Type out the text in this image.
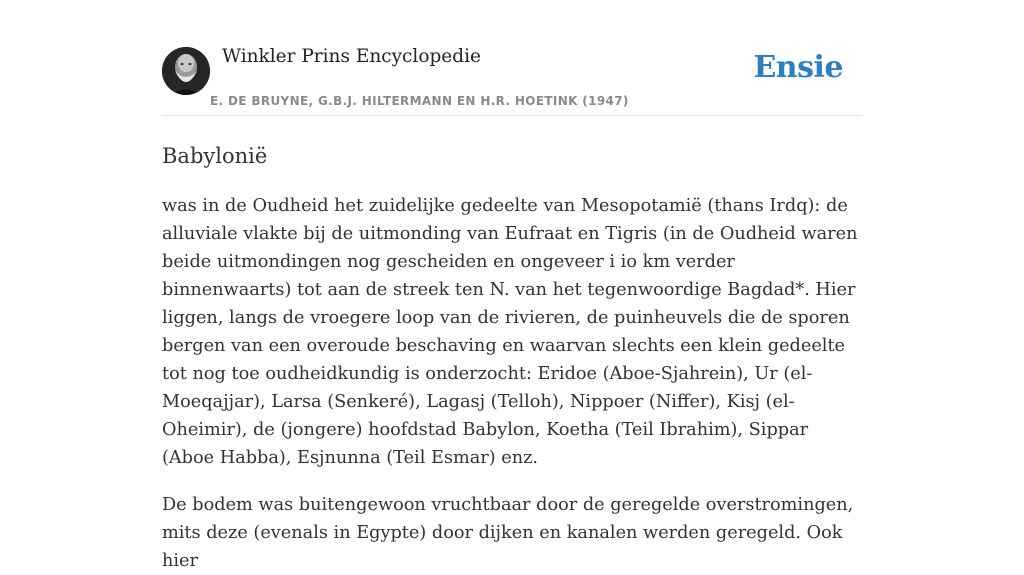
Winkler Prins Encyclopedie
E. DE BRUYNE, G.B.J. HILTERMANN EN H.R. HOETINK (1947)
Ensie
Babyloniё

was in de Oudheid het zuidelijke gedeelte van Mesopotamië (thans Irdq): de alluviale vlakte bij de uitmonding van Eufraat en Tigris (in de Oudheid waren beide uitmondingen nog gescheiden en ongeveer i io km verder binnenwaarts) tot aan de streek ten N. van het tegenwoordige Bagdad*. Hier liggen, langs de vroegere loop van de rivieren, de puinheuvels die de sporen bergen van een overoude beschaving en waarvan slechts een klein gedeelte tot nog toe oudheidkundig is onderzocht: Eridoe (Aboe-Sjahrein), Ur (el-Moeqajjar), Larsa (Senkeré), Lagasj (Telloh), Nippoer (Niffer), Kisj (el-Oheimir), de (jongere) hoofdstad Babylon, Koetha (Teil Ibrahim), Sippar (Aboe Habba), Esjnunna (Teil Esmar) enz.

De bodem was buitengewoon vruchtbaar door de geregelde overstromingen, mits deze (evenals in Egypte) door dijken en kanalen werden geregeld. Ook hier
